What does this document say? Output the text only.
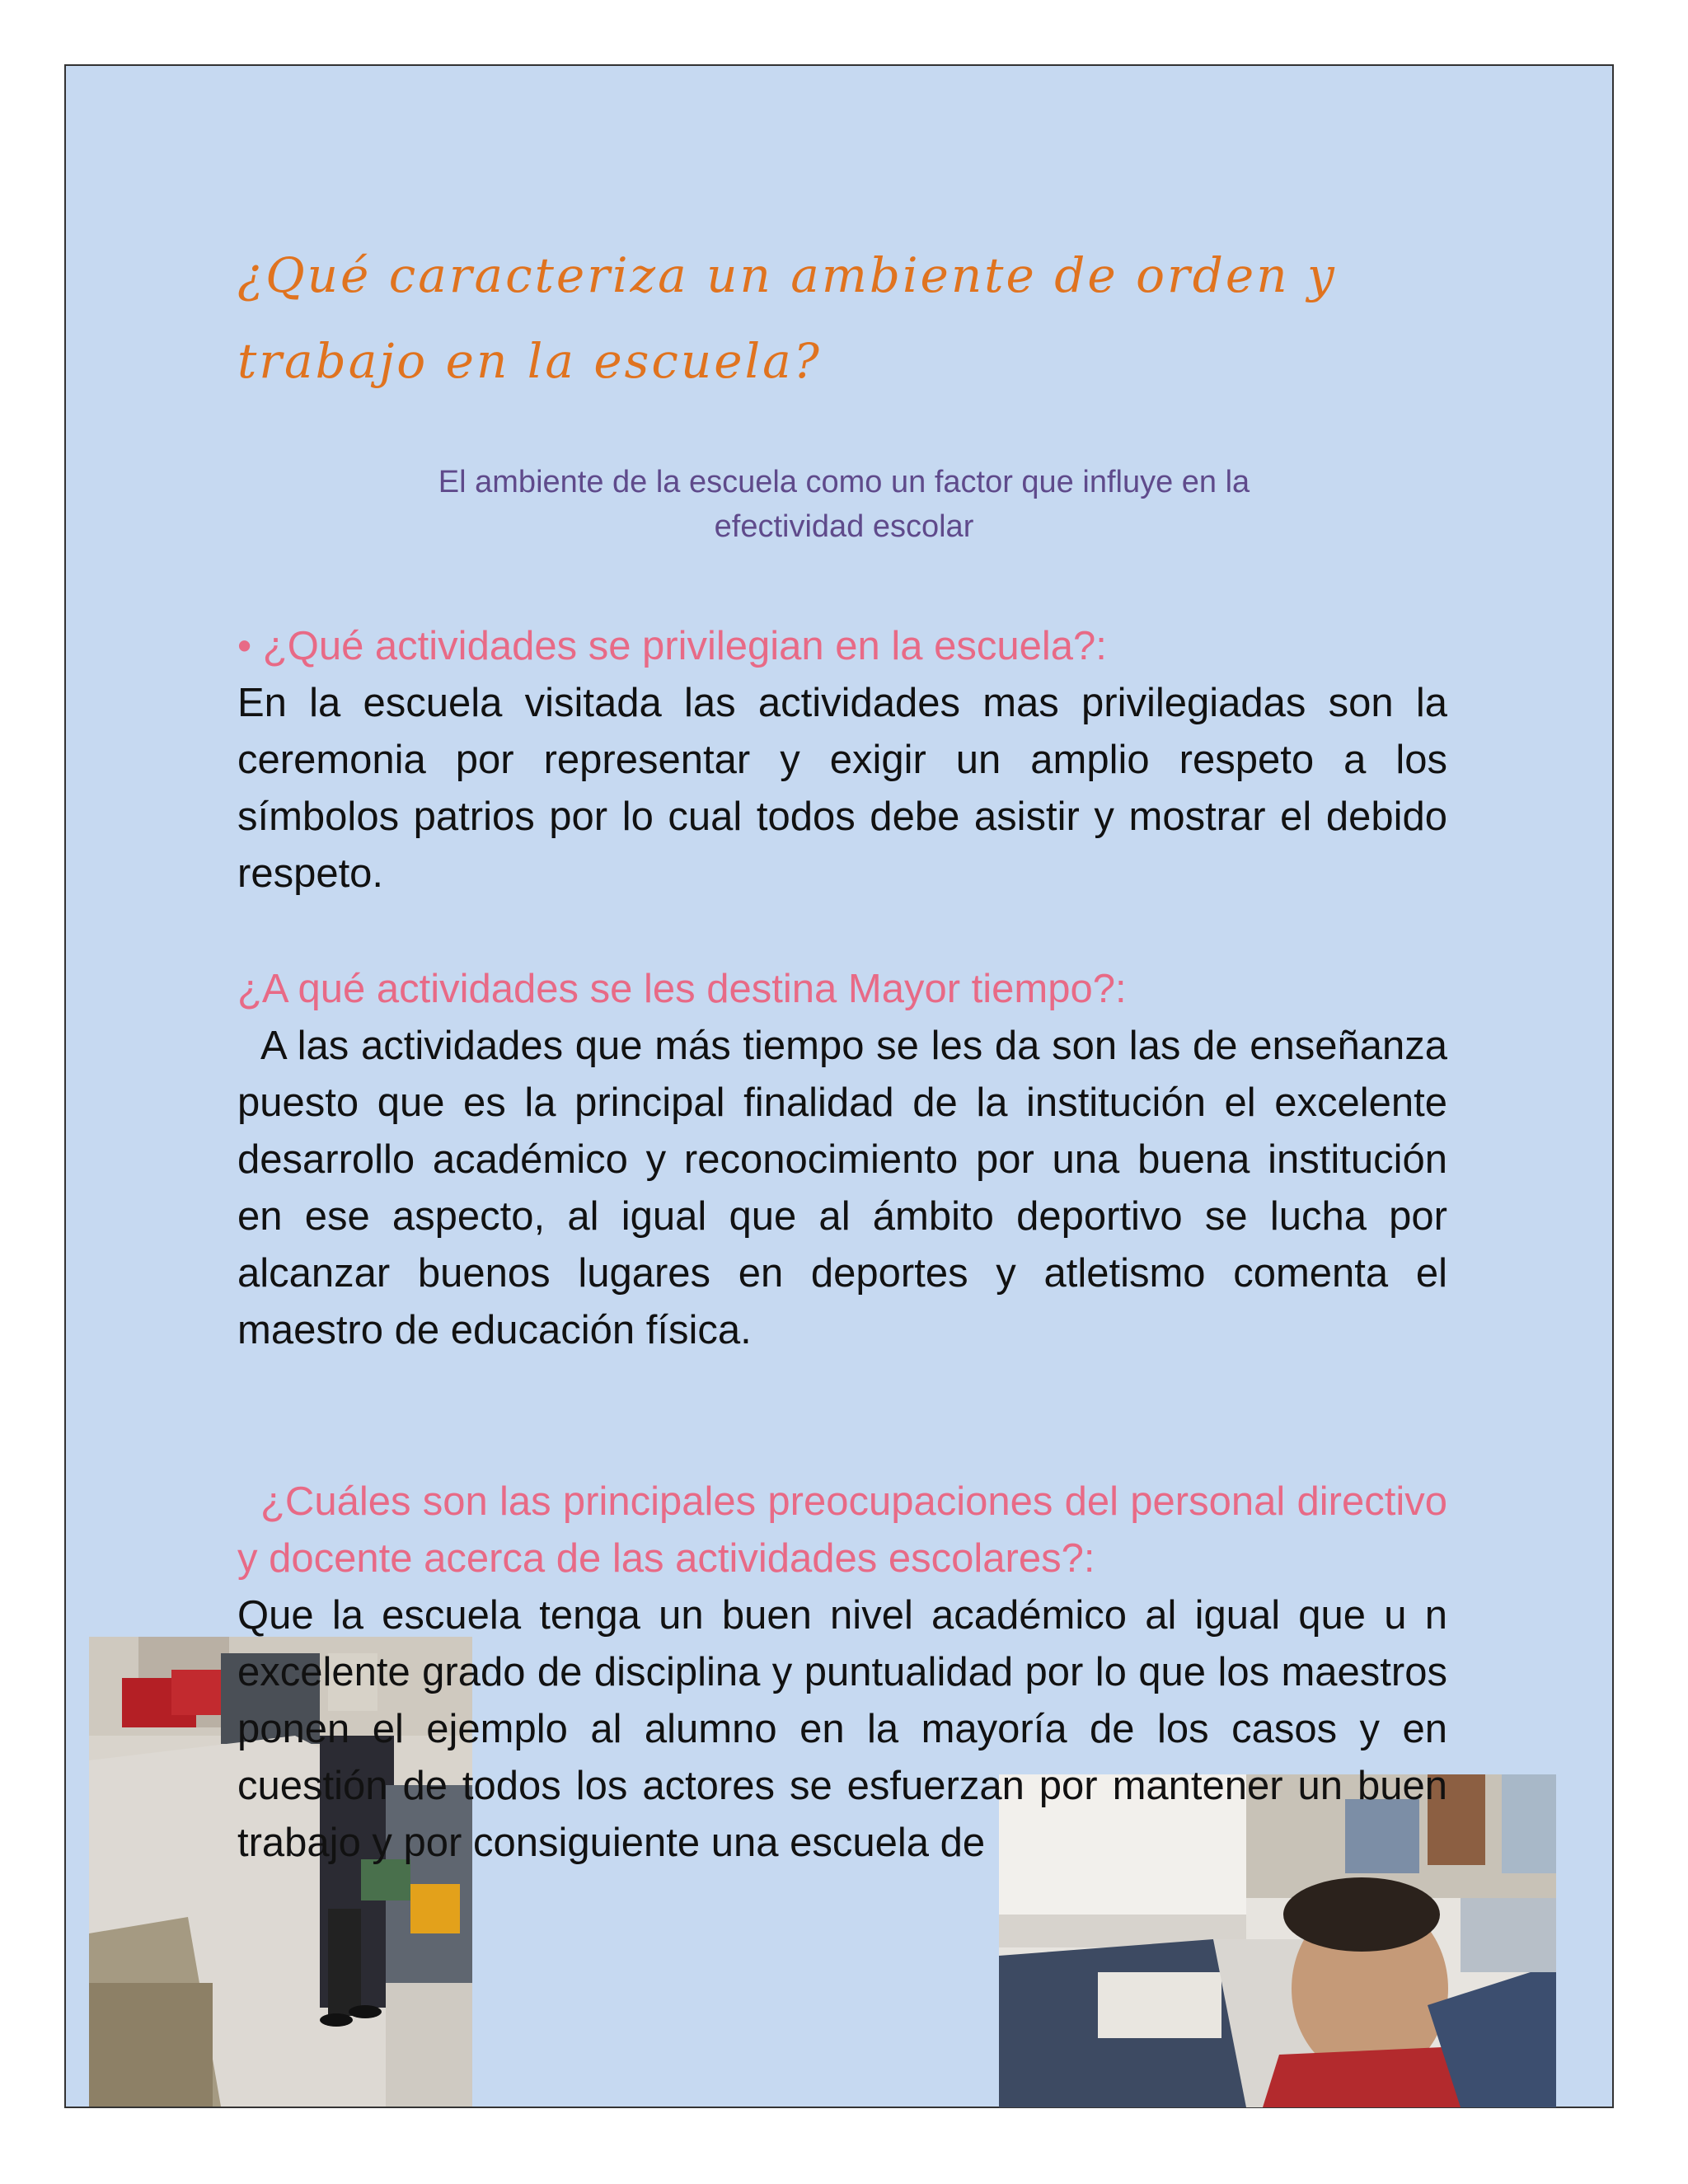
¿Qué caracteriza un ambiente de orden y
trabajo en la escuela?

El ambiente de la escuela como un factor que influye en la
efectividad escolar

• ¿Qué actividades se privilegian en la escuela?:

En la escuela visitada las actividades mas privilegiadas son la ceremonia por representar y exigir un amplio respeto a los símbolos patrios por lo cual todos debe asistir y mostrar el debido respeto.

¿A qué actividades se les destina Mayor tiempo?:

A las actividades que más tiempo se les da son las de enseñanza puesto que es la principal finalidad de la institución el excelente desarrollo académico y reconocimiento por una buena institución en ese aspecto, al igual que al ámbito deportivo se lucha por alcanzar buenos lugares en deportes y atletismo comenta el maestro de educación física.

¿Cuáles son las principales preocupaciones del personal directivo y docente acerca de las actividades escolares?:

Que la escuela tenga un buen nivel académico al igual que u n excelente grado de disciplina y puntualidad por lo que los maestros ponen el ejemplo al alumno en la mayoría de los casos y en cuestión de todos los actores se esfuerzan por mantener un buen trabajo y por consiguiente una escuela de
